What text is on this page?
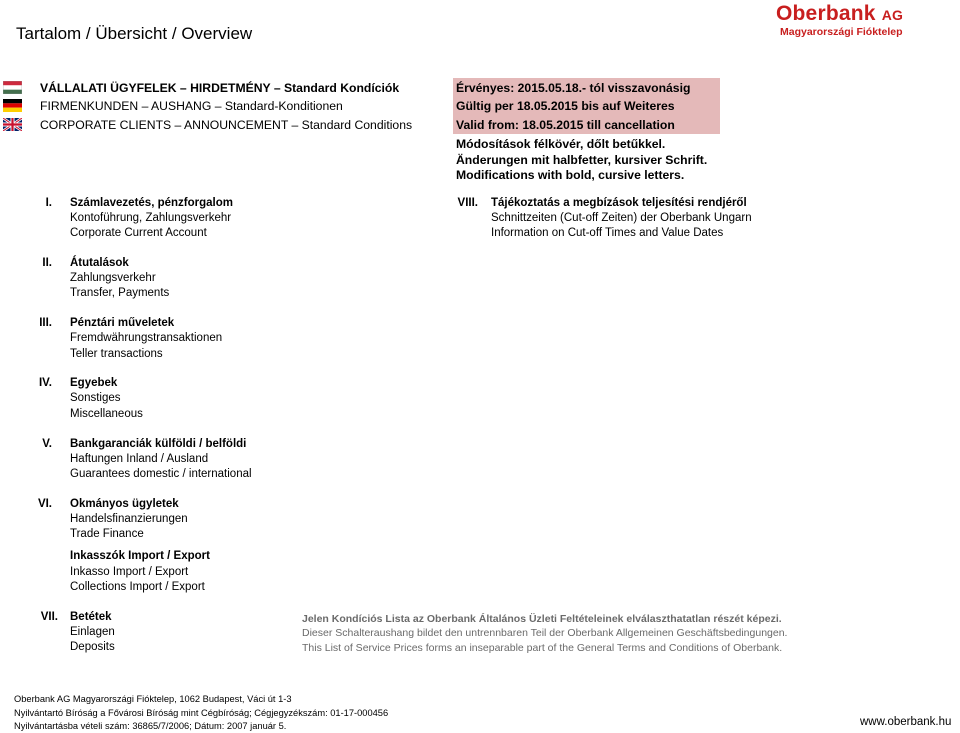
Tartalom / Übersicht / Overview
Oberbank AG
Magyarországi Fióktelep
VÁLLALATI ÜGYFELEK – HIRDETMÉNY – Standard Kondíciók
FIRMENKUNDEN – AUSHANG – Standard-Konditionen
CORPORATE CLIENTS – ANNOUNCEMENT – Standard Conditions
Érvényes: 2015.05.18.- tól visszavonásig
Gültig per 18.05.2015 bis auf Weiteres
Valid from: 18.05.2015 till cancellation
Módosítások félkövér, dőlt betűkkel.
Änderungen mit halbfetter, kursiver Schrift.
Modifications with bold, cursive letters.
I. Számlavezetés, pénzforgalom
Kontoführung, Zahlungsverkehr
Corporate Current Account
VIII. Tájékoztatás a megbízások teljesítési rendjéről
Schnittzeiten (Cut-off Zeiten) der Oberbank Ungarn
Information on Cut-off Times and Value Dates
II. Átutalások
Zahlungsverkehr
Transfer, Payments
III. Pénztári műveletek
Fremdwährungstransaktionen
Teller transactions
IV. Egyebek
Sonstiges
Miscellaneous
V. Bankgaranciák külföldi / belföldi
Haftungen Inland / Ausland
Guarantees domestic / international
VI. Okmányos ügyletek
Handelsfinanzierungen
Trade Finance
Inkasszók Import / Export
Inkasso Import / Export
Collections Import / Export
VII. Betétek
Einlagen
Deposits
Jelen Kondíciós Lista az Oberbank Általános Üzleti Feltételeinek elválaszthatatlan részét képezi.
Dieser Schalteraushang bildet den untrennbaren Teil der Oberbank Allgemeinen Geschäftsbedingungen.
This List of Service Prices forms an inseparable part of the General Terms and Conditions of Oberbank.
Oberbank AG Magyarországi Fióktelep, 1062 Budapest, Váci út 1-3
Nyilvántartó Bíróság a Fővárosi Bíróság mint Cégbíróság; Cégjegyzékszám: 01-17-000456
Nyilvántartásba vételi szám: 36865/7/2006; Dátum: 2007 január 5.	www.oberbank.hu
